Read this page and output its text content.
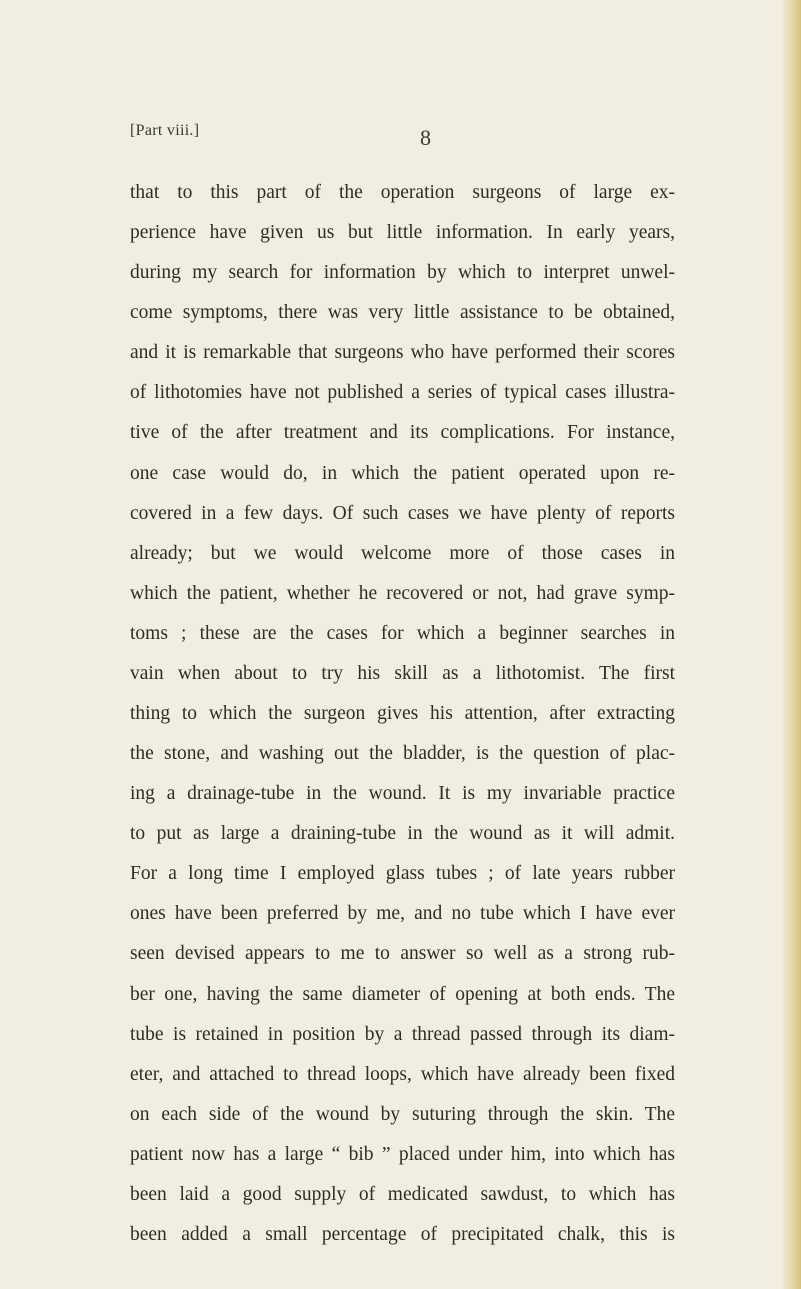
[Part viii.]	8
that to this part of the operation surgeons of large ex-
perience have given us but little information. In early years,
during my search for information by which to interpret unwel-
come symptoms, there was very little assistance to be obtained,
and it is remarkable that surgeons who have performed their scores
of lithotomies have not published a series of typical cases illustra-
tive of the after treatment and its complications. For instance,
one case would do, in which the patient operated upon re-
covered in a few days. Of such cases we have plenty of reports
already; but we would welcome more of those cases in
which the patient, whether he recovered or not, had grave symp-
toms ; these are the cases for which a beginner searches in
vain when about to try his skill as a lithotomist. The first
thing to which the surgeon gives his attention, after extracting
the stone, and washing out the bladder, is the question of plac-
ing a drainage-tube in the wound. It is my invariable practice
to put as large a draining-tube in the wound as it will admit.
For a long time I employed glass tubes ; of late years rubber
ones have been preferred by me, and no tube which I have ever
seen devised appears to me to answer so well as a strong rub-
ber one, having the same diameter of opening at both ends. The
tube is retained in position by a thread passed through its diam-
eter, and attached to thread loops, which have already been fixed
on each side of the wound by suturing through the skin. The
patient now has a large “ bib ” placed under him, into which has
been laid a good supply of medicated sawdust, to which has
been added a small percentage of precipitated chalk, this is
